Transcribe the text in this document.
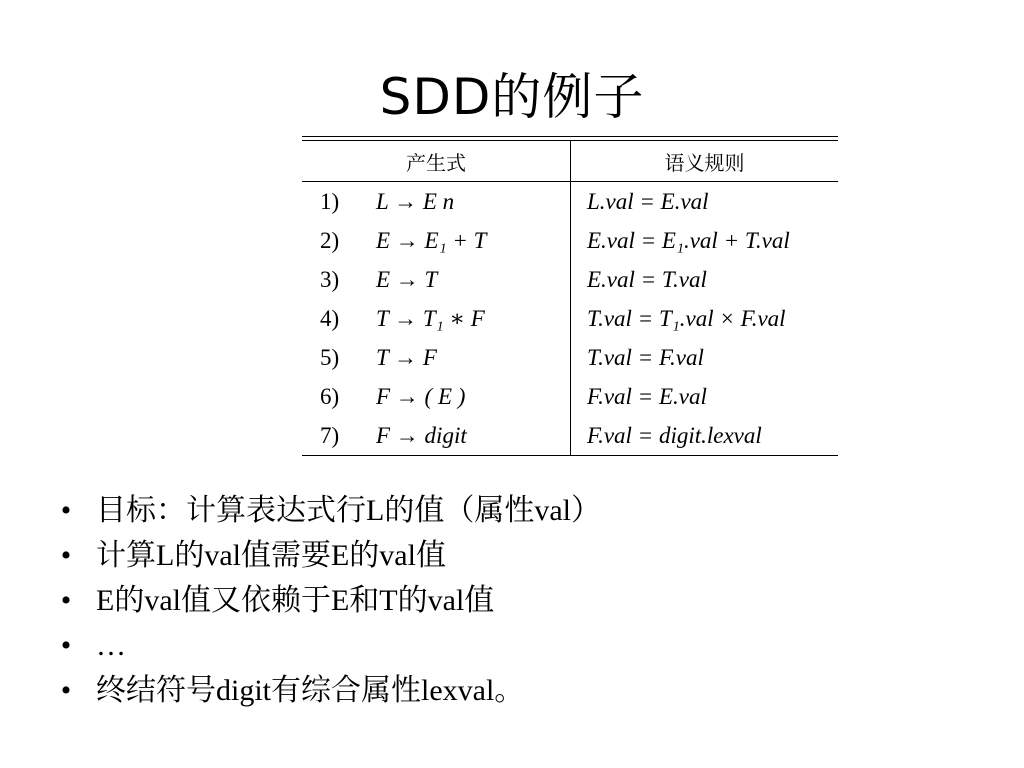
SDD的例子
产生式		语义规则
1)	L → E n	L.val = E.val
2)	E → E₁ + T	E.val = E₁.val + T.val
3)	E → T	E.val = T.val
4)	T → T₁ ∗ F	T.val = T₁.val × F.val
5)	T → F	T.val = F.val
6)	F → ( E )	F.val = E.val
7)	F → digit	F.val = digit.lexval
• 目标：计算表达式行L的值（属性val）
• 计算L的val值需要E的val值
• E的val值又依赖于E和T的val值
• …
• 终结符号digit有综合属性lexval。
